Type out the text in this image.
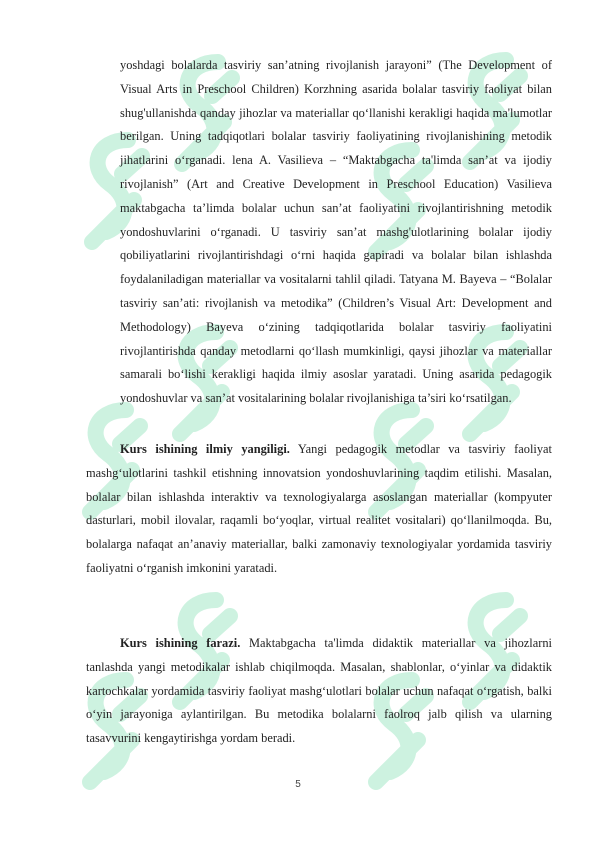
yoshdagi bolalarda tasviriy san’atning rivojlanish jarayoni” (The Development of Visual Arts in Preschool Children) Korzhning asarida bolalar tasviriy faoliyat bilan shug'ullanishda qanday jihozlar va materiallar qo‘llanishi kerakligi haqida ma'lumotlar berilgan. Uning tadqiqotlari bolalar tasviriy faoliyatining rivojlanishining metodik jihatlarini o‘rganadi. lena A. Vasilieva – “Maktabgacha ta'limda san’at va ijodiy rivojlanish” (Art and Creative Development in Preschool Education) Vasilieva maktabgacha ta’limda bolalar uchun san’at faoliyatini rivojlantirishning metodik yondoshuvlarini o‘rganadi. U tasviriy san’at mashg'ulotlarining bolalar ijodiy qobiliyatlarini rivojlantirishdagi o‘rni haqida gapiradi va bolalar bilan ishlashda foydalaniladigan materiallar va vositalarni tahlil qiladi. Tatyana M. Bayeva – “Bolalar tasviriy san’ati: rivojlanish va metodika” (Children’s Visual Art: Development and Methodology) Bayeva o‘zining tadqiqotlarida bolalar tasviriy faoliyatini rivojlantirishda qanday metodlarni qo‘llash mumkinligi, qaysi jihozlar va materiallar samarali bo‘lishi kerakligi haqida ilmiy asoslar yaratadi. Uning asarida pedagogik yondoshuvlar va san’at vositalarining bolalar rivojlanishiga ta’siri ko‘rsatilgan.

Kurs ishining ilmiy yangiligi. Yangi pedagogik metodlar va tasviriy faoliyat mashg‘ulotlarini tashkil etishning innovatsion yondoshuvlarining taqdim etilishi. Masalan, bolalar bilan ishlashda interaktiv va texnologiyalarga asoslangan materiallar (kompyuter dasturlari, mobil ilovalar, raqamli bo‘yoqlar, virtual realitet vositalari) qo‘llanilmoqda. Bu, bolalarga nafaqat an’anaviy materiallar, balki zamonaviy texnologiyalar yordamida tasviriy faoliyatni o‘rganish imkonini yaratadi.

Kurs ishining farazi. Maktabgacha ta'limda didaktik materiallar va jihozlarni tanlashda yangi metodikalar ishlab chiqilmoqda. Masalan, shablonlar, o‘yinlar va didaktik kartochkalar yordamida tasviriy faoliyat mashg‘ulotlari bolalar uchun nafaqat o‘rgatish, balki o‘yin jarayoniga aylantirilgan. Bu metodika bolalarni faolroq jalb qilish va ularning tasavvurini kengaytirishga yordam beradi.

5
